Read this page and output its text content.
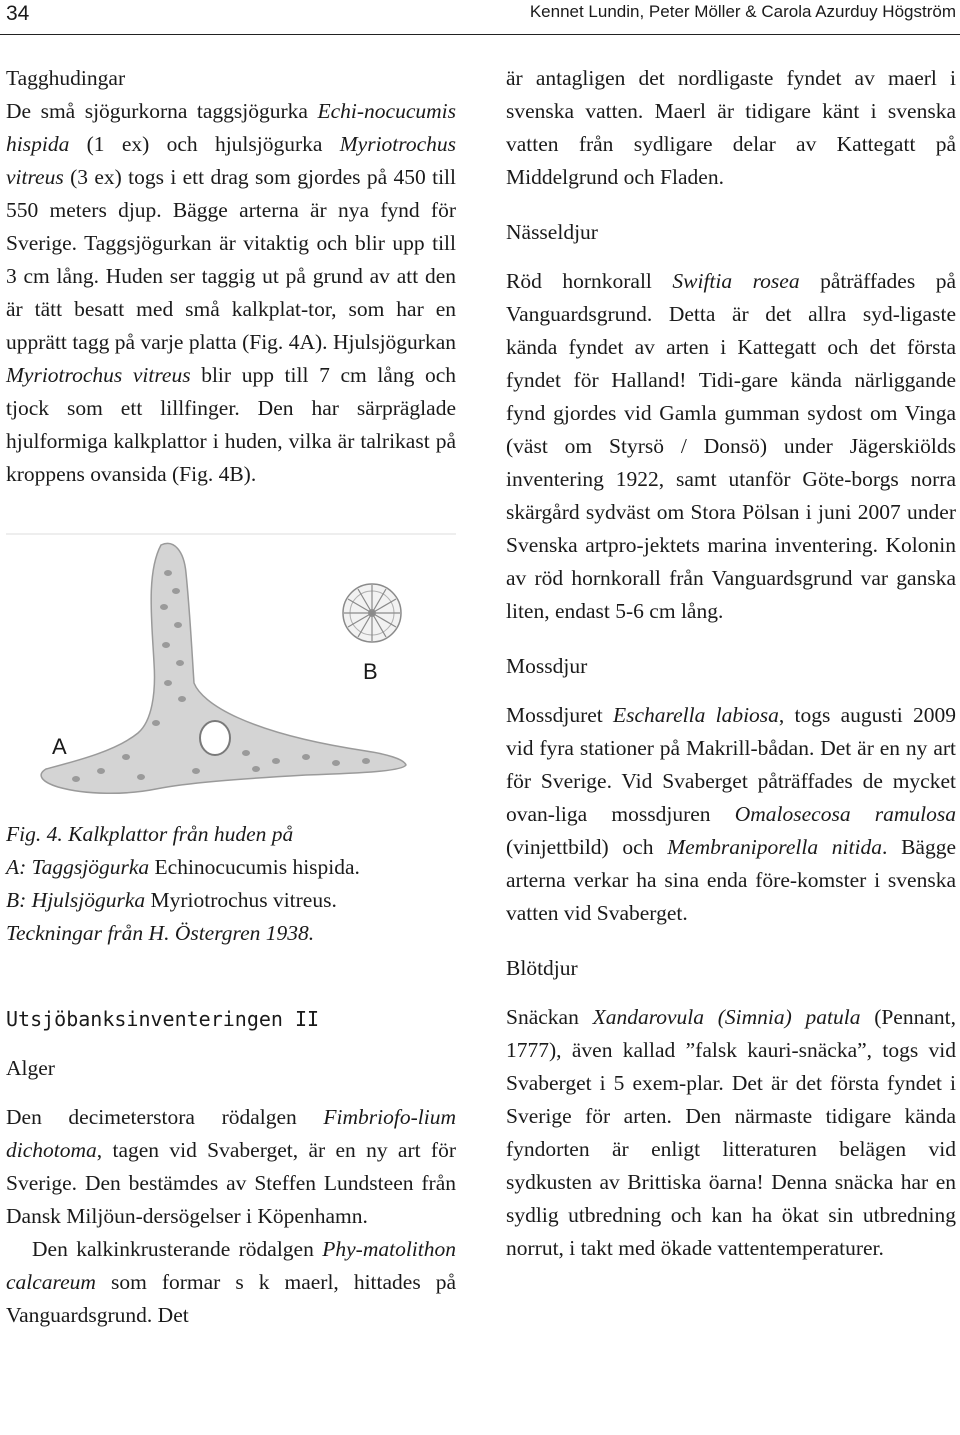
34	Kennet Lundin, Peter Möller & Carola Azurduy Högström
Tagghudingar

De små sjögurkorna taggsjögurka Echi-nocucumis hispida (1 ex) och hjulsjögurka Myriotrochus vitreus (3 ex) togs i ett drag som gjordes på 450 till 550 meters djup. Bägge arterna är nya fynd för Sverige. Taggsjögurkan är vitaktig och blir upp till 3 cm lång. Huden ser taggig ut på grund av att den är tätt besatt med små kalkplat-tor, som har en upprätt tagg på varje platta (Fig. 4A). Hjulsjögurkan Myriotrochus vitreus blir upp till 7 cm lång och tjock som ett lillfinger. Den har särpräglade hjulformiga kalkplattor i huden, vilka är talrikast på kroppens ovansida (Fig. 4B).

A
B
Fig. 4. Kalkplattor från huden på
A: Taggsjögurka Echinocucumis hispida.
B: Hjulsjögurka Myriotrochus vitreus.
Teckningar från H. Östergren 1938.
Utsjöbanksinventeringen II
Alger

Den decimeterstora rödalgen Fimbriofo-lium dichotoma, tagen vid Svaberget, är en ny art för Sverige. Den bestämdes av Steffen Lundsteen från Dansk Miljöun-dersögelser i Köpenhamn.

Den kalkinkrusterande rödalgen Phy-matolithon calcareum som formar s k maerl, hittades på Vanguardsgrund. Det

är antagligen det nordligaste fyndet av maerl i svenska vatten. Maerl är tidigare känt i svenska vatten från sydligare delar av Kattegatt på Middelgrund och Fladen.

Nässeldjur

Röd hornkorall Swiftia rosea påträffades på Vanguardsgrund. Detta är det allra syd-ligaste kända fyndet av arten i Kattegatt och det första fyndet för Halland! Tidi-gare kända närliggande fynd gjordes vid Gamla gumman sydost om Vinga (väst om Styrsö / Donsö) under Jägerskiölds inventering 1922, samt utanför Göte-borgs norra skärgård sydväst om Stora Pölsan i juni 2007 under Svenska artpro-jektets marina inventering. Kolonin av röd hornkorall från Vanguardsgrund var ganska liten, endast 5-6 cm lång.

Mossdjur

Mossdjuret Escharella labiosa, togs augusti 2009 vid fyra stationer på Makrill-bådan. Det är en ny art för Sverige. Vid Svaberget påträffades de mycket ovan-liga mossdjuren Omalosecosa ramulosa (vinjettbild) och Membraniporella nitida. Bägge arterna verkar ha sina enda före-komster i svenska vatten vid Svaberget.

Blötdjur

Snäckan Xandarovula (Simnia) patula (Pennant, 1777), även kallad ”falsk kauri-snäcka”, togs vid Svaberget i 5 exem-plar. Det är det första fyndet i Sverige för arten. Den närmaste tidigare kända fyndorten är enligt litteraturen belägen vid sydkusten av Brittiska öarna! Denna snäcka har en sydlig utbredning och kan ha ökat sin utbredning norrut, i takt med ökade vattentemperaturer.
